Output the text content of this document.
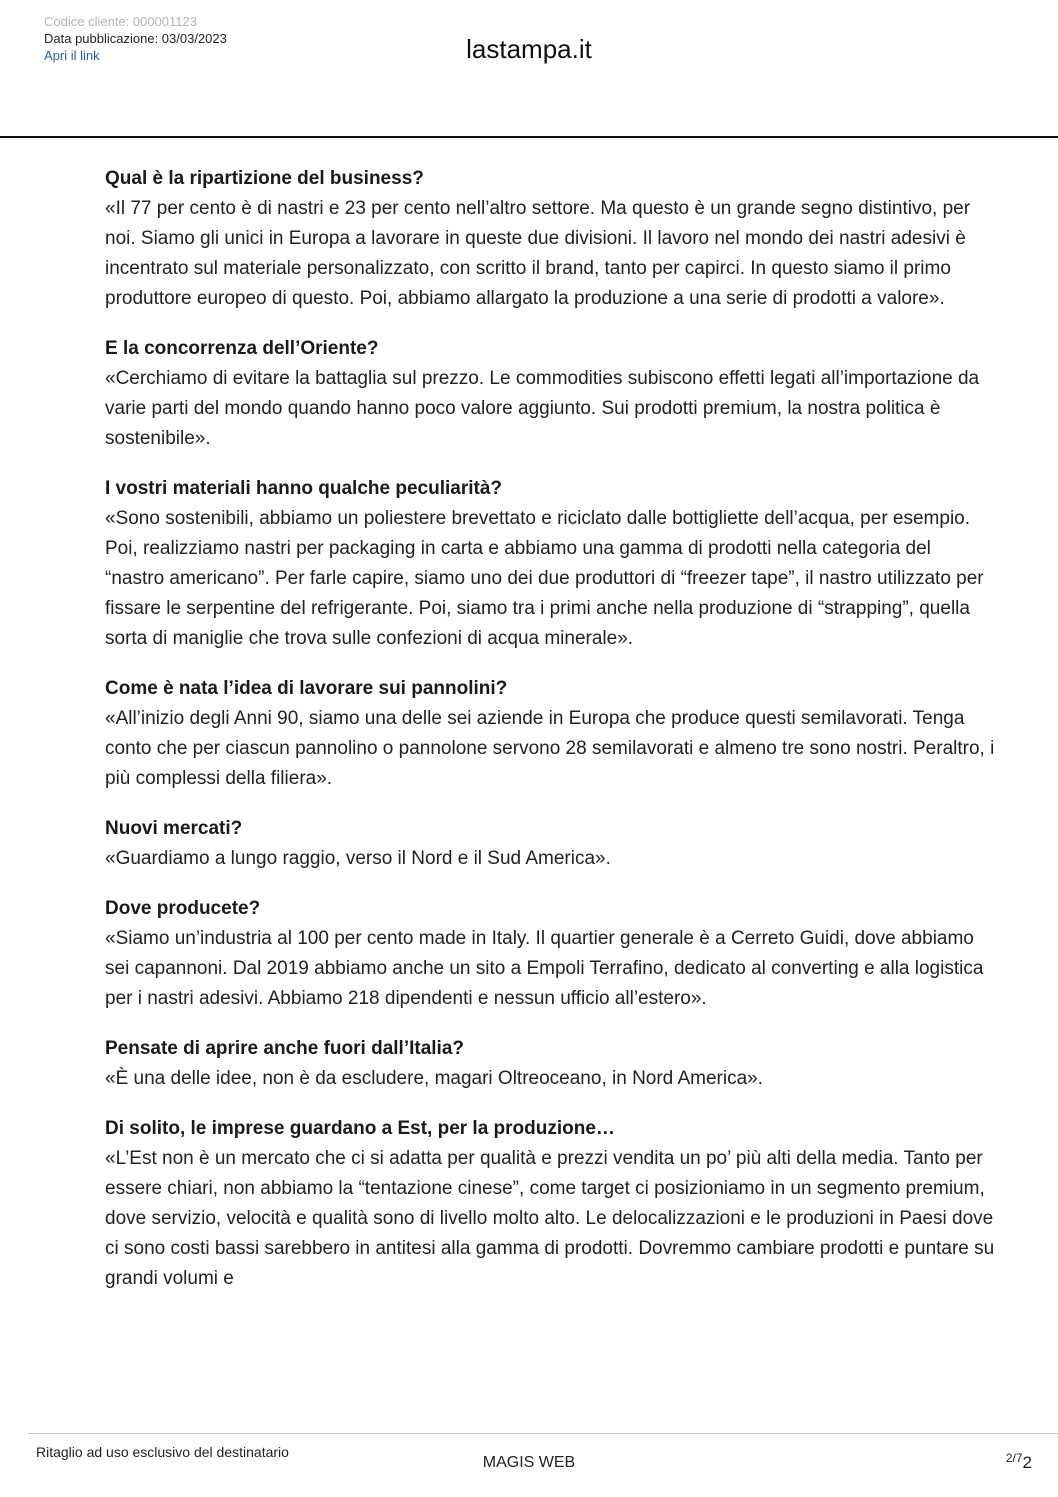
Codice cliente: 000001123
Data pubblicazione: 03/03/2023
Apri il link	lastampa.it
Qual è la ripartizione del business?

«Il 77 per cento è di nastri e 23 per cento nell’altro settore. Ma questo è un grande segno distintivo, per noi. Siamo gli unici in Europa a lavorare in queste due divisioni. Il lavoro nel mondo dei nastri adesivi è incentrato sul materiale personalizzato, con scritto il brand, tanto per capirci. In questo siamo il primo produttore europeo di questo. Poi, abbiamo allargato la produzione a una serie di prodotti a valore».

E la concorrenza dell’Oriente?

«Cerchiamo di evitare la battaglia sul prezzo. Le commodities subiscono effetti legati all’importazione da varie parti del mondo quando hanno poco valore aggiunto. Sui prodotti premium, la nostra politica è sostenibile».

I vostri materiali hanno qualche peculiarità?

«Sono sostenibili, abbiamo un poliestere brevettato e riciclato dalle bottigliette dell’acqua, per esempio. Poi, realizziamo nastri per packaging in carta e abbiamo una gamma di prodotti nella categoria del “nastro americano”. Per farle capire, siamo uno dei due produttori di “freezer tape”, il nastro utilizzato per fissare le serpentine del refrigerante. Poi, siamo tra i primi anche nella produzione di “strapping”, quella sorta di maniglie che trova sulle confezioni di acqua minerale».

Come è nata l’idea di lavorare sui pannolini?

«All’inizio degli Anni 90, siamo una delle sei aziende in Europa che produce questi semilavorati. Tenga conto che per ciascun pannolino o pannolone servono 28 semilavorati e almeno tre sono nostri. Peraltro, i più complessi della filiera».

Nuovi mercati?

«Guardiamo a lungo raggio, verso il Nord e il Sud America».

Dove producete?

«Siamo un’industria al 100 per cento made in Italy. Il quartier generale è a Cerreto Guidi, dove abbiamo sei capannoni. Dal 2019 abbiamo anche un sito a Empoli Terrafino, dedicato al converting e alla logistica per i nastri adesivi. Abbiamo 218 dipendenti e nessun ufficio all’estero».

Pensate di aprire anche fuori dall’Italia?

«È una delle idee, non è da escludere, magari Oltreoceano, in Nord America».

Di solito, le imprese guardano a Est, per la produzione…

«L’Est non è un mercato che ci si adatta per qualità e prezzi vendita un po’ più alti della media. Tanto per essere chiari, non abbiamo la “tentazione cinese”, come target ci posizioniamo in un segmento premium, dove servizio, velocità e qualità sono di livello molto alto. Le delocalizzazioni e le produzioni in Paesi dove ci sono costi bassi sarebbero in antitesi alla gamma di prodotti. Dovremmo cambiare prodotti e puntare su grandi volumi e

Ritaglio ad uso esclusivo del destinatario
MAGIS WEB	$^{2/7}$2
